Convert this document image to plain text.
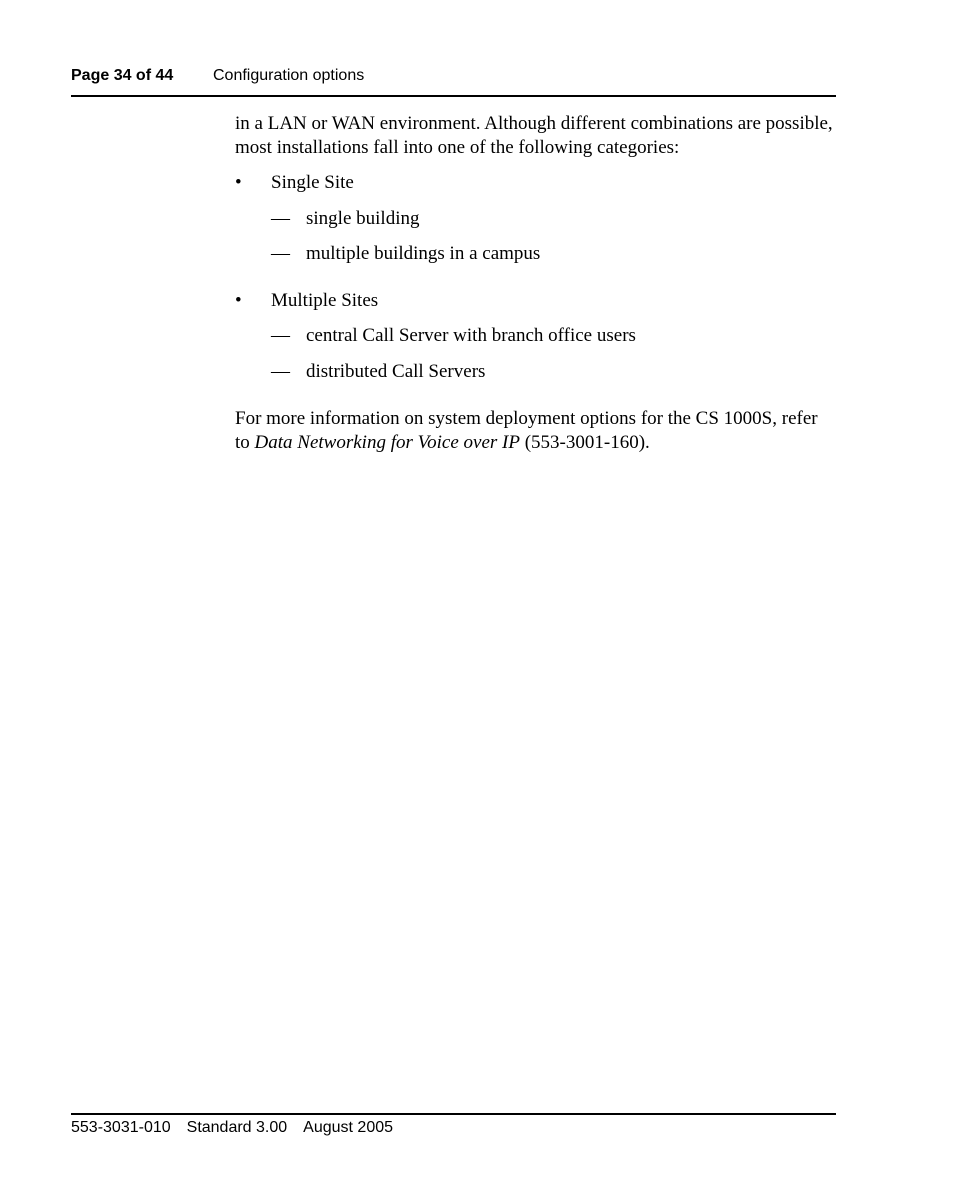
Page 34 of 44 Configuration options
in a LAN or WAN environment. Although different combinations are possible, most installations fall into one of the following categories:
• Single Site
— single building
— multiple buildings in a campus
• Multiple Sites
— central Call Server with branch office users
— distributed Call Servers
For more information on system deployment options for the CS 1000S, refer to Data Networking for Voice over IP (553-3001-160).
553-3031-010 Standard 3.00 August 2005
